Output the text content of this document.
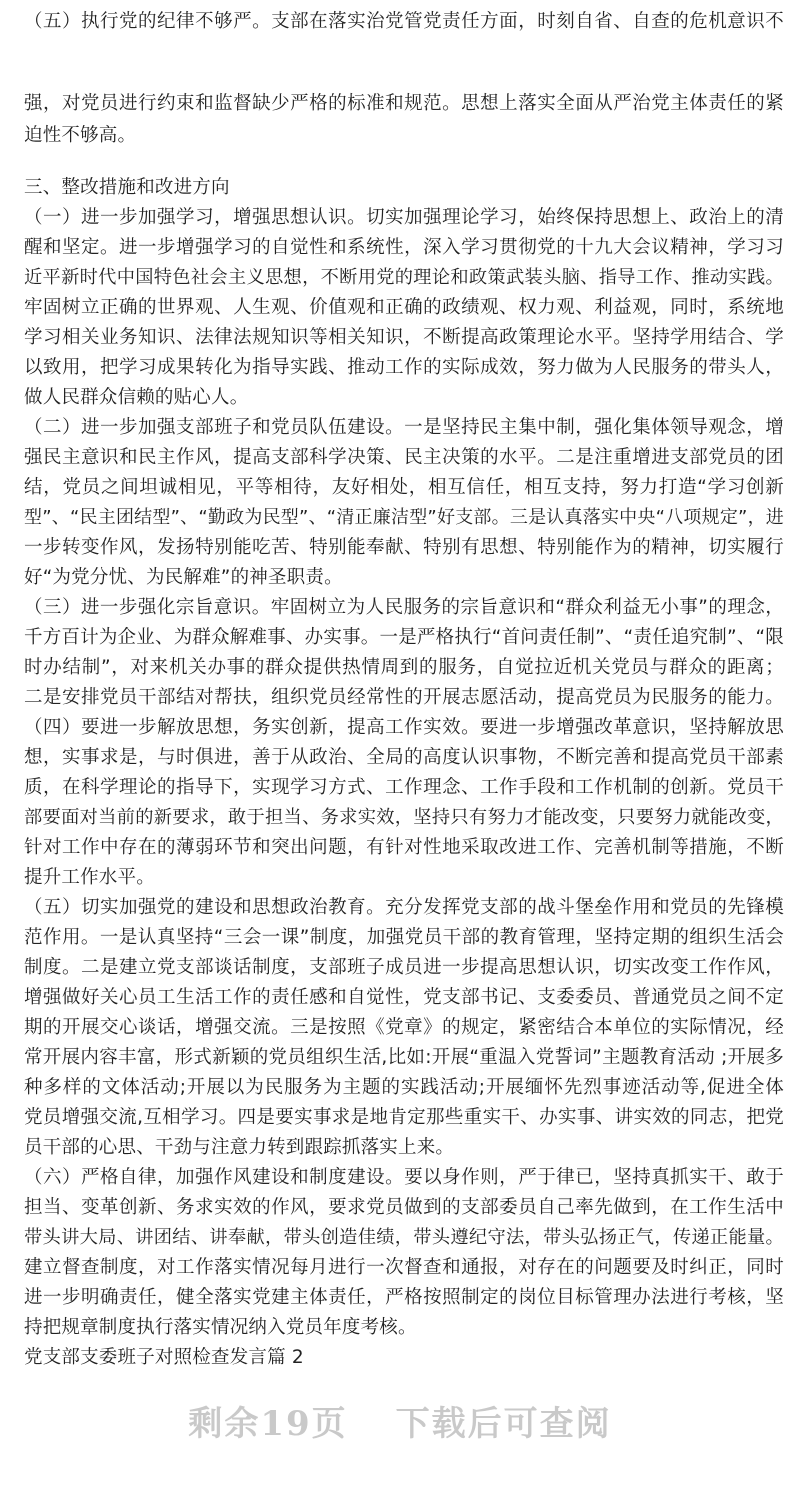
（五）执行党的纪律不够严。支部在落实治党管党责任方面，时刻自省、自查的危机意识不
强，对党员进行约束和监督缺少严格的标准和规范。思想上落实全面从严治党主体责任的紧
迫性不够高。
三、整改措施和改进方向
（一）进一步加强学习，增强思想认识。切实加强理论学习，始终保持思想上、政治上的清
醒和坚定。进一步增强学习的自觉性和系统性，深入学习贯彻党的十九大会议精神，学习习
近平新时代中国特色社会主义思想，不断用党的理论和政策武装头脑、指导工作、推动实践。
牢固树立正确的世界观、人生观、价值观和正确的政绩观、权力观、利益观，同时，系统地
学习相关业务知识、法律法规知识等相关知识，不断提高政策理论水平。坚持学用结合、学
以致用，把学习成果转化为指导实践、推动工作的实际成效，努力做为人民服务的带头人，
做人民群众信赖的贴心人。
（二）进一步加强支部班子和党员队伍建设。一是坚持民主集中制，强化集体领导观念，增
强民主意识和民主作风，提高支部科学决策、民主决策的水平。二是注重增进支部党员的团
结，党员之间坦诚相见，平等相待，友好相处，相互信任，相互支持，努力打造“学习创新
型”、“民主团结型”、“勤政为民型”、“清正廉洁型”好支部。三是认真落实中央“八项规定”，进
一步转变作风，发扬特别能吃苦、特别能奉献、特别有思想、特别能作为的精神，切实履行
好“为党分忧、为民解难”的神圣职责。
（三）进一步强化宗旨意识。牢固树立为人民服务的宗旨意识和“群众利益无小事”的理念，
千方百计为企业、为群众解难事、办实事。一是严格执行“首问责任制”、“责任追究制”、“限
时办结制”，对来机关办事的群众提供热情周到的服务，自觉拉近机关党员与群众的距离；
二是安排党员干部结对帮扶，组织党员经常性的开展志愿活动，提高党员为民服务的能力。
（四）要进一步解放思想，务实创新，提高工作实效。要进一步增强改革意识，坚持解放思
想，实事求是，与时俱进，善于从政治、全局的高度认识事物，不断完善和提高党员干部素
质，在科学理论的指导下，实现学习方式、工作理念、工作手段和工作机制的创新。党员干
部要面对当前的新要求，敢于担当、务求实效，坚持只有努力才能改变，只要努力就能改变，
针对工作中存在的薄弱环节和突出问题，有针对性地采取改进工作、完善机制等措施，不断
提升工作水平。
（五）切实加强党的建设和思想政治教育。充分发挥党支部的战斗堡垒作用和党员的先锋模
范作用。一是认真坚持“三会一课”制度，加强党员干部的教育管理，坚持定期的组织生活会
制度。二是建立党支部谈话制度，支部班子成员进一步提高思想认识，切实改变工作作风，
增强做好关心员工生活工作的责任感和自觉性，党支部书记、支委委员、普通党员之间不定
期的开展交心谈话，增强交流。三是按照《党章》的规定，紧密结合本单位的实际情况，经
常开展内容丰富，形式新颖的党员组织生活,比如:开展“重温入党誓词”主题教育活动 ;开展多
种多样的文体活动;开展以为民服务为主题的实践活动;开展缅怀先烈事迹活动等,促进全体
党员增强交流,互相学习。四是要实事求是地肯定那些重实干、办实事、讲实效的同志，把党
员干部的心思、干劲与注意力转到跟踪抓落实上来。
（六）严格自律，加强作风建设和制度建设。要以身作则，严于律已，坚持真抓实干、敢于
担当、变革创新、务求实效的作风，要求党员做到的支部委员自己率先做到，在工作生活中
带头讲大局、讲团结、讲奉献，带头创造佳绩，带头遵纪守法，带头弘扬正气，传递正能量。
建立督查制度，对工作落实情况每月进行一次督查和通报，对存在的问题要及时纠正，同时
进一步明确责任，健全落实党建主体责任，严格按照制定的岗位目标管理办法进行考核，坚
持把规章制度执行落实情况纳入党员年度考核。
党支部支委班子对照检查发言篇 2
剩余19页 下载后可查阅
